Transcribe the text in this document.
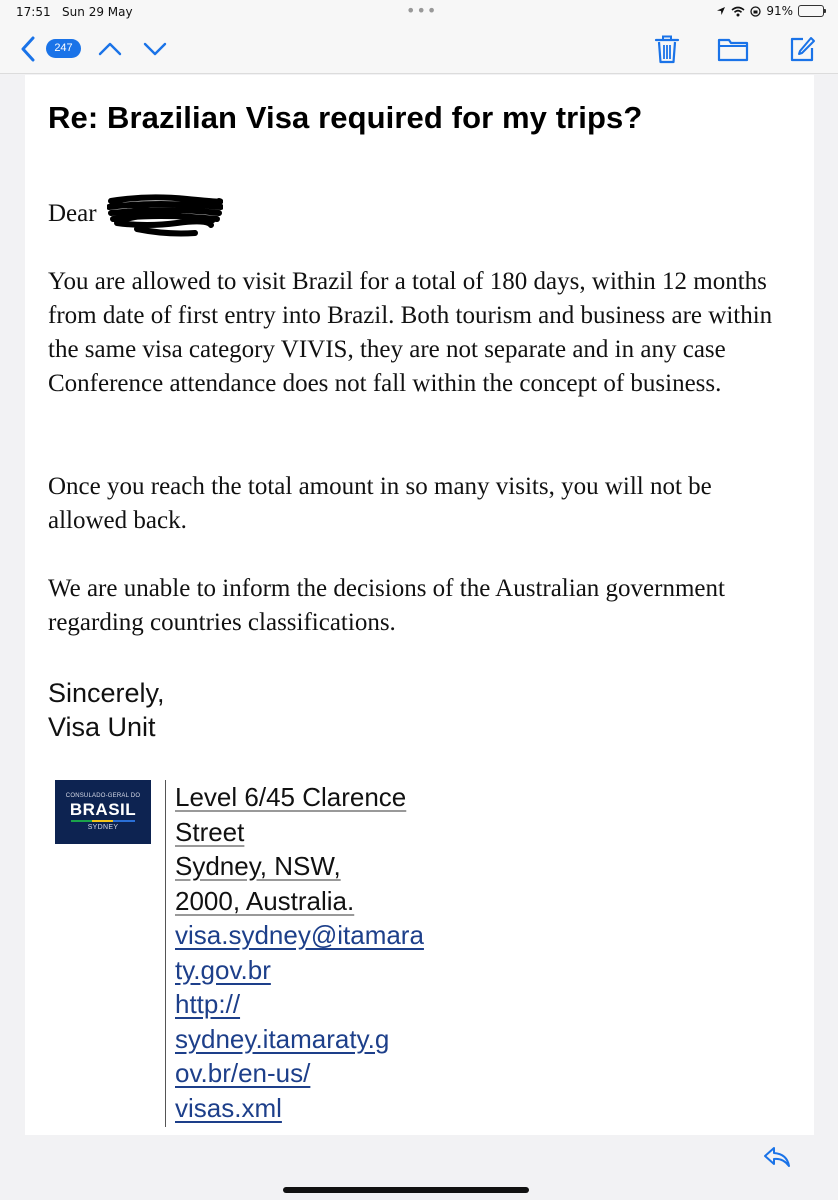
17:51 Sun 29 May	•••	91%
247
Re: Brazilian Visa required for my trips?
Dear

You are allowed to visit Brazil for a total of 180 days, within 12 months from date of first entry into Brazil. Both tourism and business are within the same visa category VIVIS, they are not separate and in any case Conference attendance does not fall within the concept of business.

Once you reach the total amount in so many visits, you will not be allowed back.

We are unable to inform the decisions of the Australian government regarding countries classifications.

Sincerely,
Visa Unit
CONSULADO-GERAL DO
BRASIL
SYDNEY
Level 6/45 Clarence
Street
Sydney, NSW,
2000, Australia.
visa.sydney@itamara
ty.gov.br
http://
sydney.itamaraty.g
ov.br/en-us/
visas.xml
